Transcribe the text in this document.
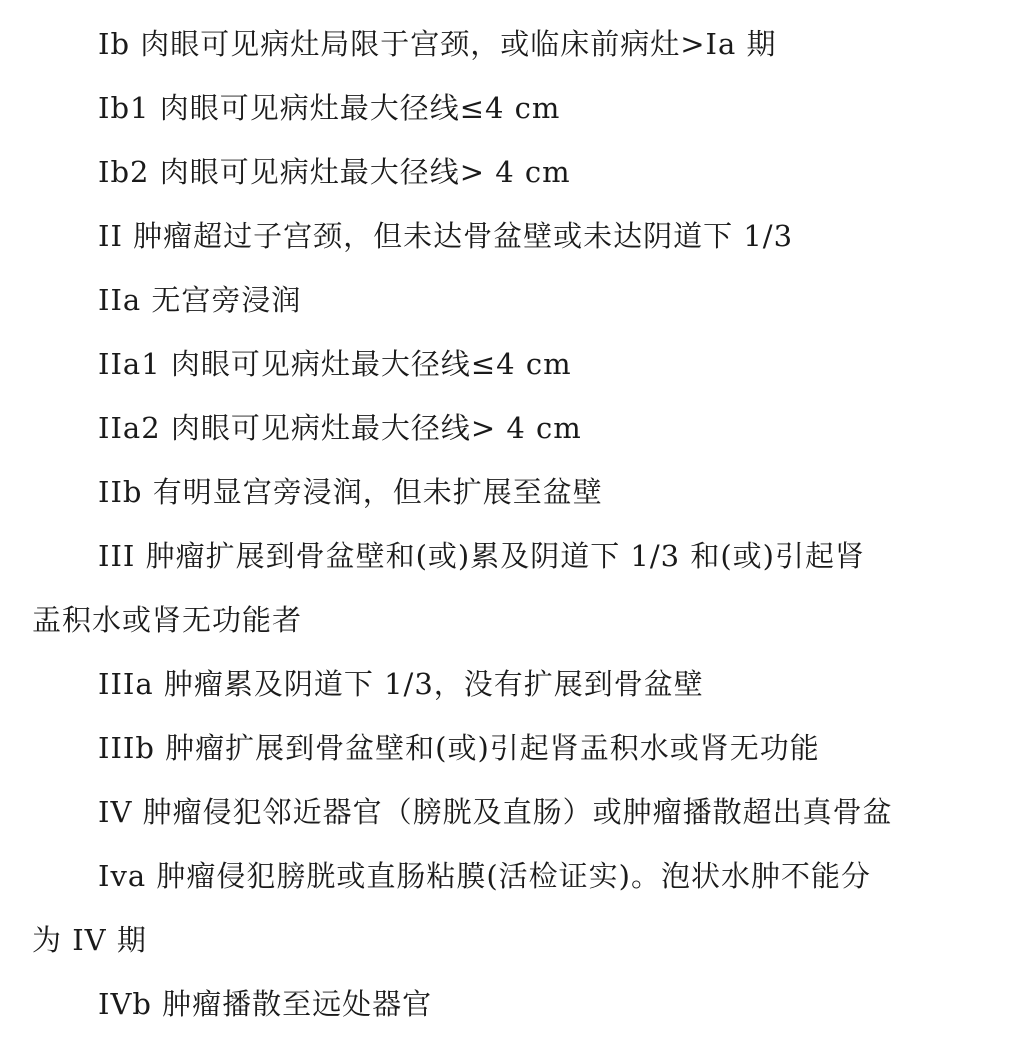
Ib 肉眼可见病灶局限于宫颈，或临床前病灶>Ia 期
Ib1 肉眼可见病灶最大径线≤4 cm
Ib2 肉眼可见病灶最大径线> 4 cm
II 肿瘤超过子宫颈，但未达骨盆壁或未达阴道下 1/3
IIa 无宫旁浸润
IIa1 肉眼可见病灶最大径线≤4 cm
IIa2 肉眼可见病灶最大径线> 4 cm
IIb 有明显宫旁浸润，但未扩展至盆壁
III 肿瘤扩展到骨盆壁和(或)累及阴道下 1/3 和(或)引起肾
盂积水或肾无功能者
IIIa 肿瘤累及阴道下 1/3，没有扩展到骨盆壁
IIIb 肿瘤扩展到骨盆壁和(或)引起肾盂积水或肾无功能
IV 肿瘤侵犯邻近器官（膀胱及直肠）或肿瘤播散超出真骨盆
Iva 肿瘤侵犯膀胱或直肠粘膜(活检证实)。泡状水肿不能分
为 IV 期
IVb 肿瘤播散至远处器官
